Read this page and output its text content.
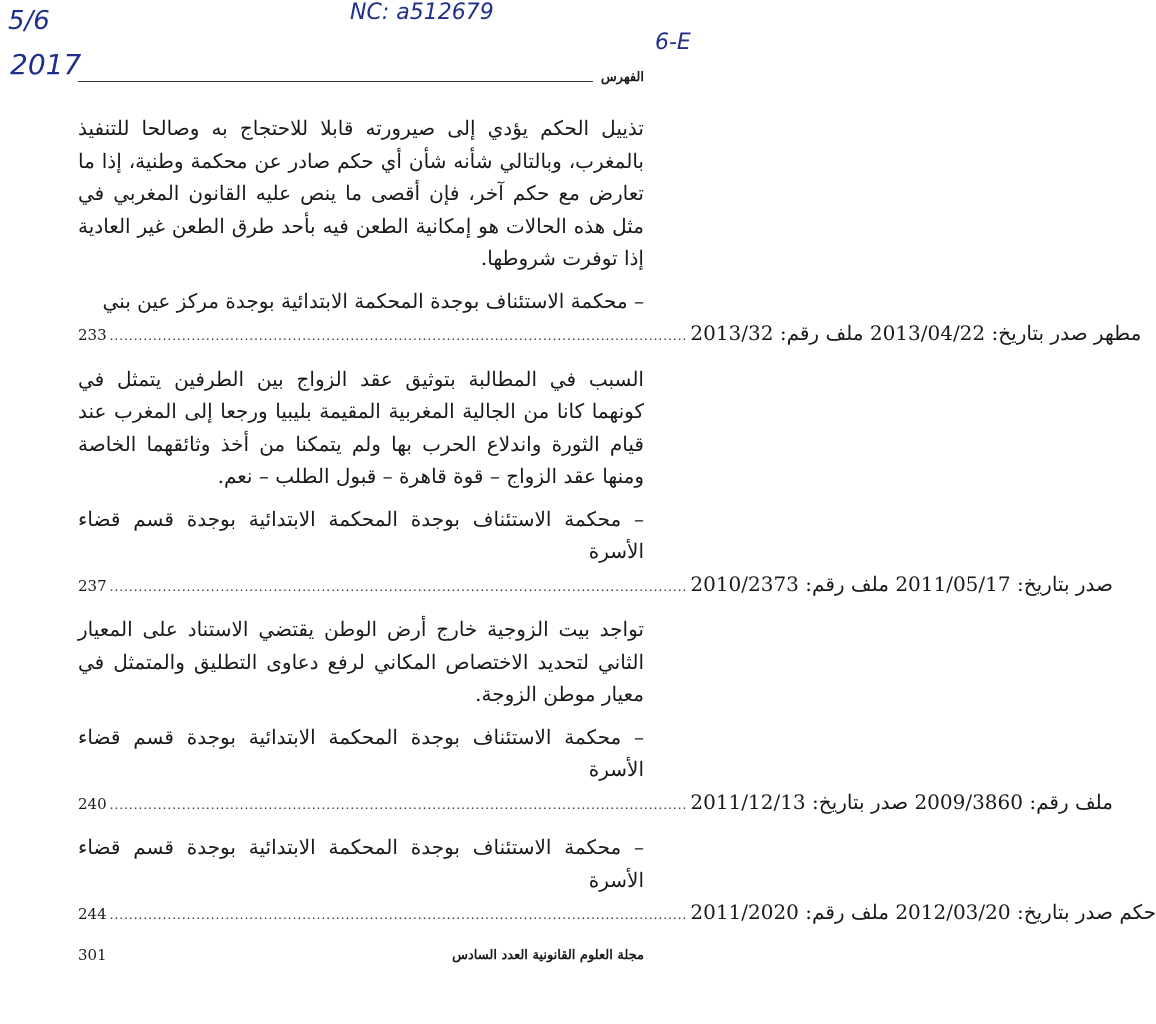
5/6	NC: a512679
2017
6-E
الفهرس

تذييل الحكم يؤدي إلى صيرورته قابلا للاحتجاج به وصالحا للتنفيذ بالمغرب، وبالتالي شأنه شأن أي حكم صادر عن محكمة وطنية، إذا ما تعارض مع حكم آخر، فإن أقصى ما ينص عليه القانون المغربي في مثل هذه الحالات هو إمكانية الطعن فيه بأحد طرق الطعن غير العادية إذا توفرت شروطها.

– محكمة الاستئناف بوجدة المحكمة الابتدائية بوجدة مركز عين بني

233 ........................................................................................................................ مطهر صدر بتاريخ: 2013/04/22 ملف رقم: 2013/32

السبب في المطالبة بتوثيق عقد الزواج بين الطرفين يتمثل في كونهما كانا من الجالية المغربية المقيمة بليبيا ورجعا إلى المغرب عند قيام الثورة واندلاع الحرب بها ولم يتمكنا من أخذ وثائقهما الخاصة ومنها عقد الزواج – قوة قاهرة – قبول الطلب – نعم.

– محكمة الاستئناف بوجدة المحكمة الابتدائية بوجدة قسم قضاء الأسرة

237 ........................................................................................................................ صدر بتاريخ: 2011/05/17 ملف رقم: 2010/2373

تواجد بيت الزوجية خارج أرض الوطن يقتضي الاستناد على المعيار الثاني لتحديد الاختصاص المكاني لرفع دعاوى التطليق والمتمثل في معيار موطن الزوجة.

– محكمة الاستئناف بوجدة المحكمة الابتدائية بوجدة قسم قضاء الأسرة

240 ........................................................................................................................ ملف رقم: 2009/3860 صدر بتاريخ: 2011/12/13

– محكمة الاستئناف بوجدة المحكمة الابتدائية بوجدة قسم قضاء الأسرة

244 ........................................................................................................................ حكم صدر بتاريخ: 2012/03/20 ملف رقم: 2011/2020
301	مجلة العلوم القانونية العدد السادس
